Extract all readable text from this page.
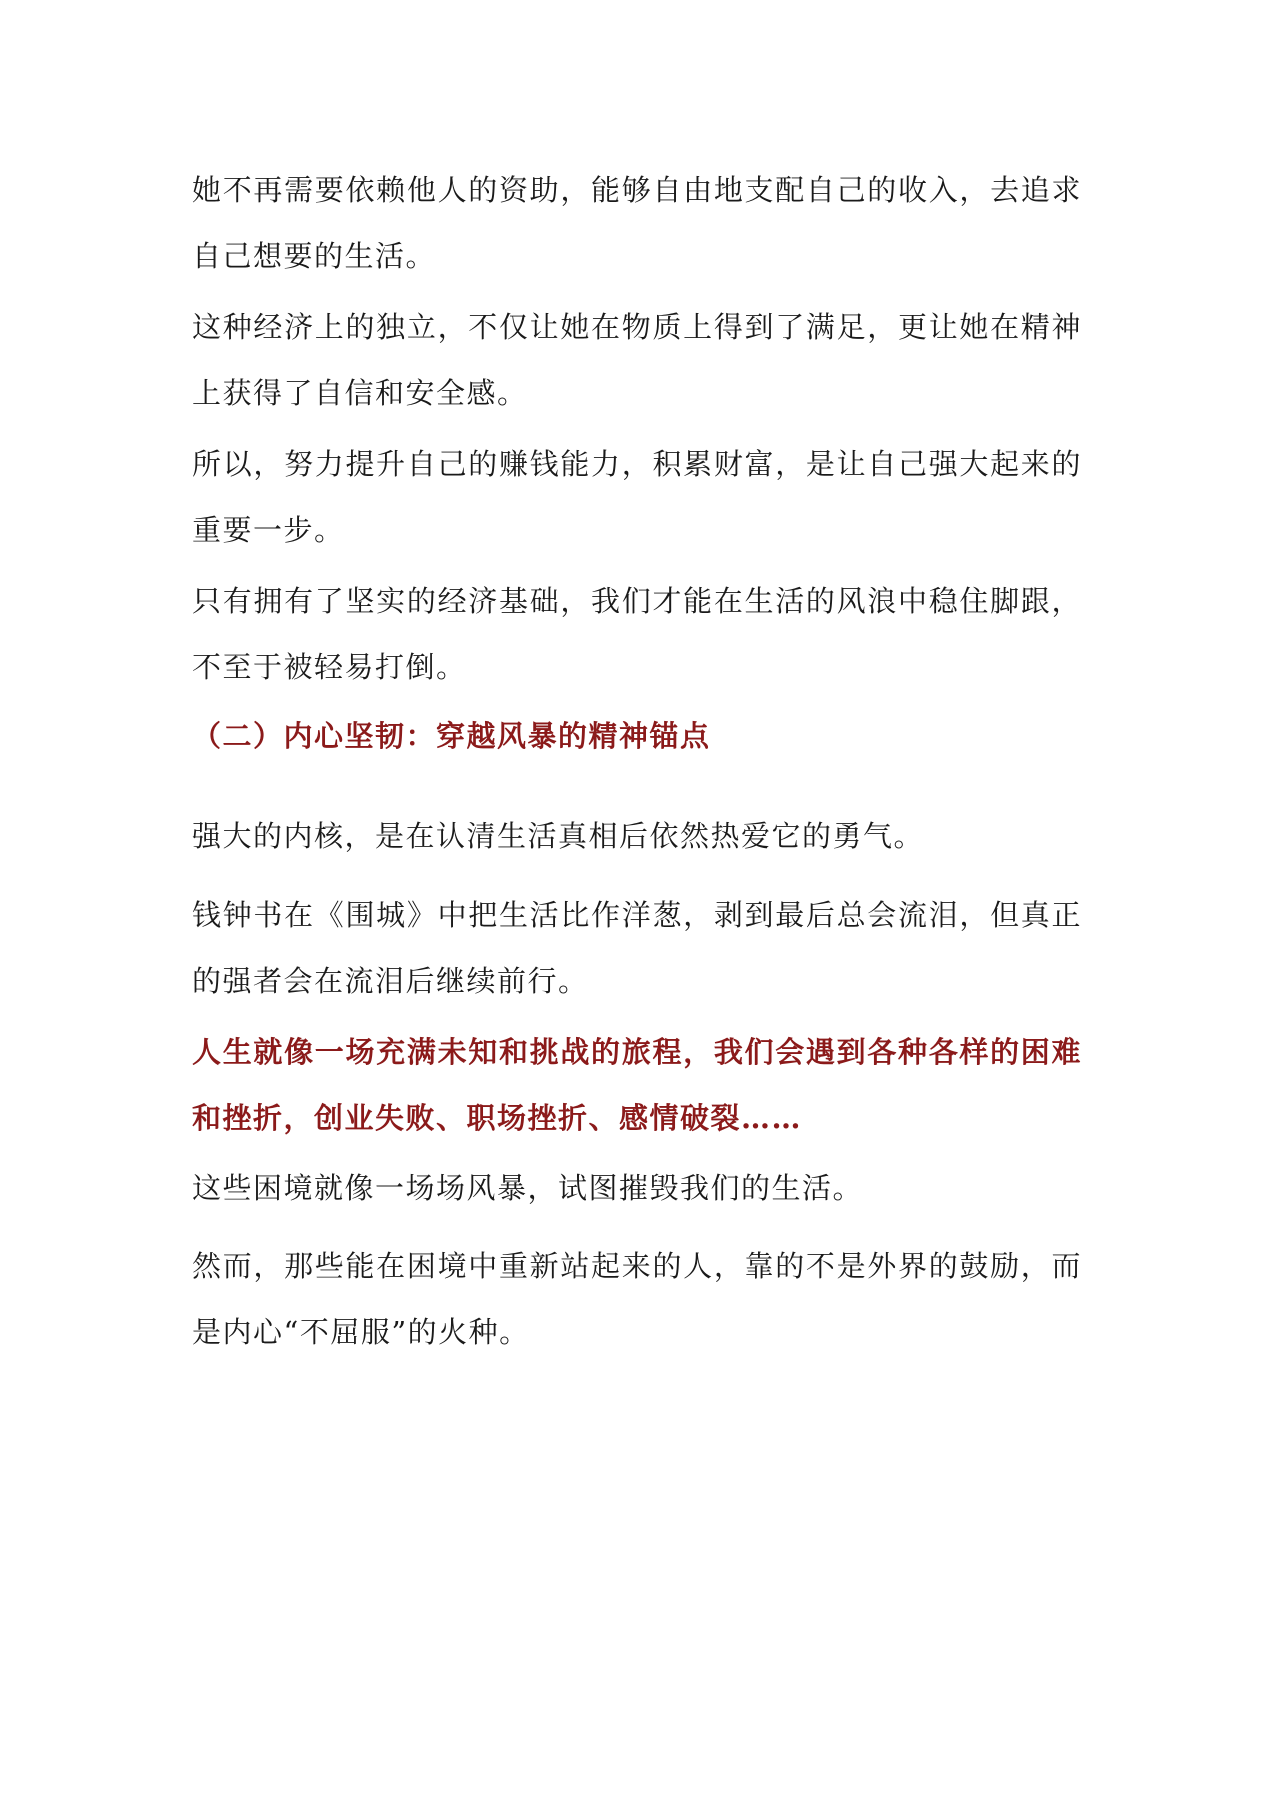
她不再需要依赖他人的资助，能够自由地支配自己的收入，去追求自己想要的生活。

这种经济上的独立，不仅让她在物质上得到了满足，更让她在精神上获得了自信和安全感。

所以，努力提升自己的赚钱能力，积累财富，是让自己强大起来的重要一步。

只有拥有了坚实的经济基础，我们才能在生活的风浪中稳住脚跟，不至于被轻易打倒。

（二）内心坚韧：穿越风暴的精神锚点

强大的内核，是在认清生活真相后依然热爱它的勇气。

钱钟书在《围城》中把生活比作洋葱，剥到最后总会流泪，但真正的强者会在流泪后继续前行。

人生就像一场充满未知和挑战的旅程，我们会遇到各种各样的困难和挫折，创业失败、职场挫折、感情破裂……

这些困境就像一场场风暴，试图摧毁我们的生活。

然而，那些能在困境中重新站起来的人，靠的不是外界的鼓励，而是内心“不屈服”的火种。
